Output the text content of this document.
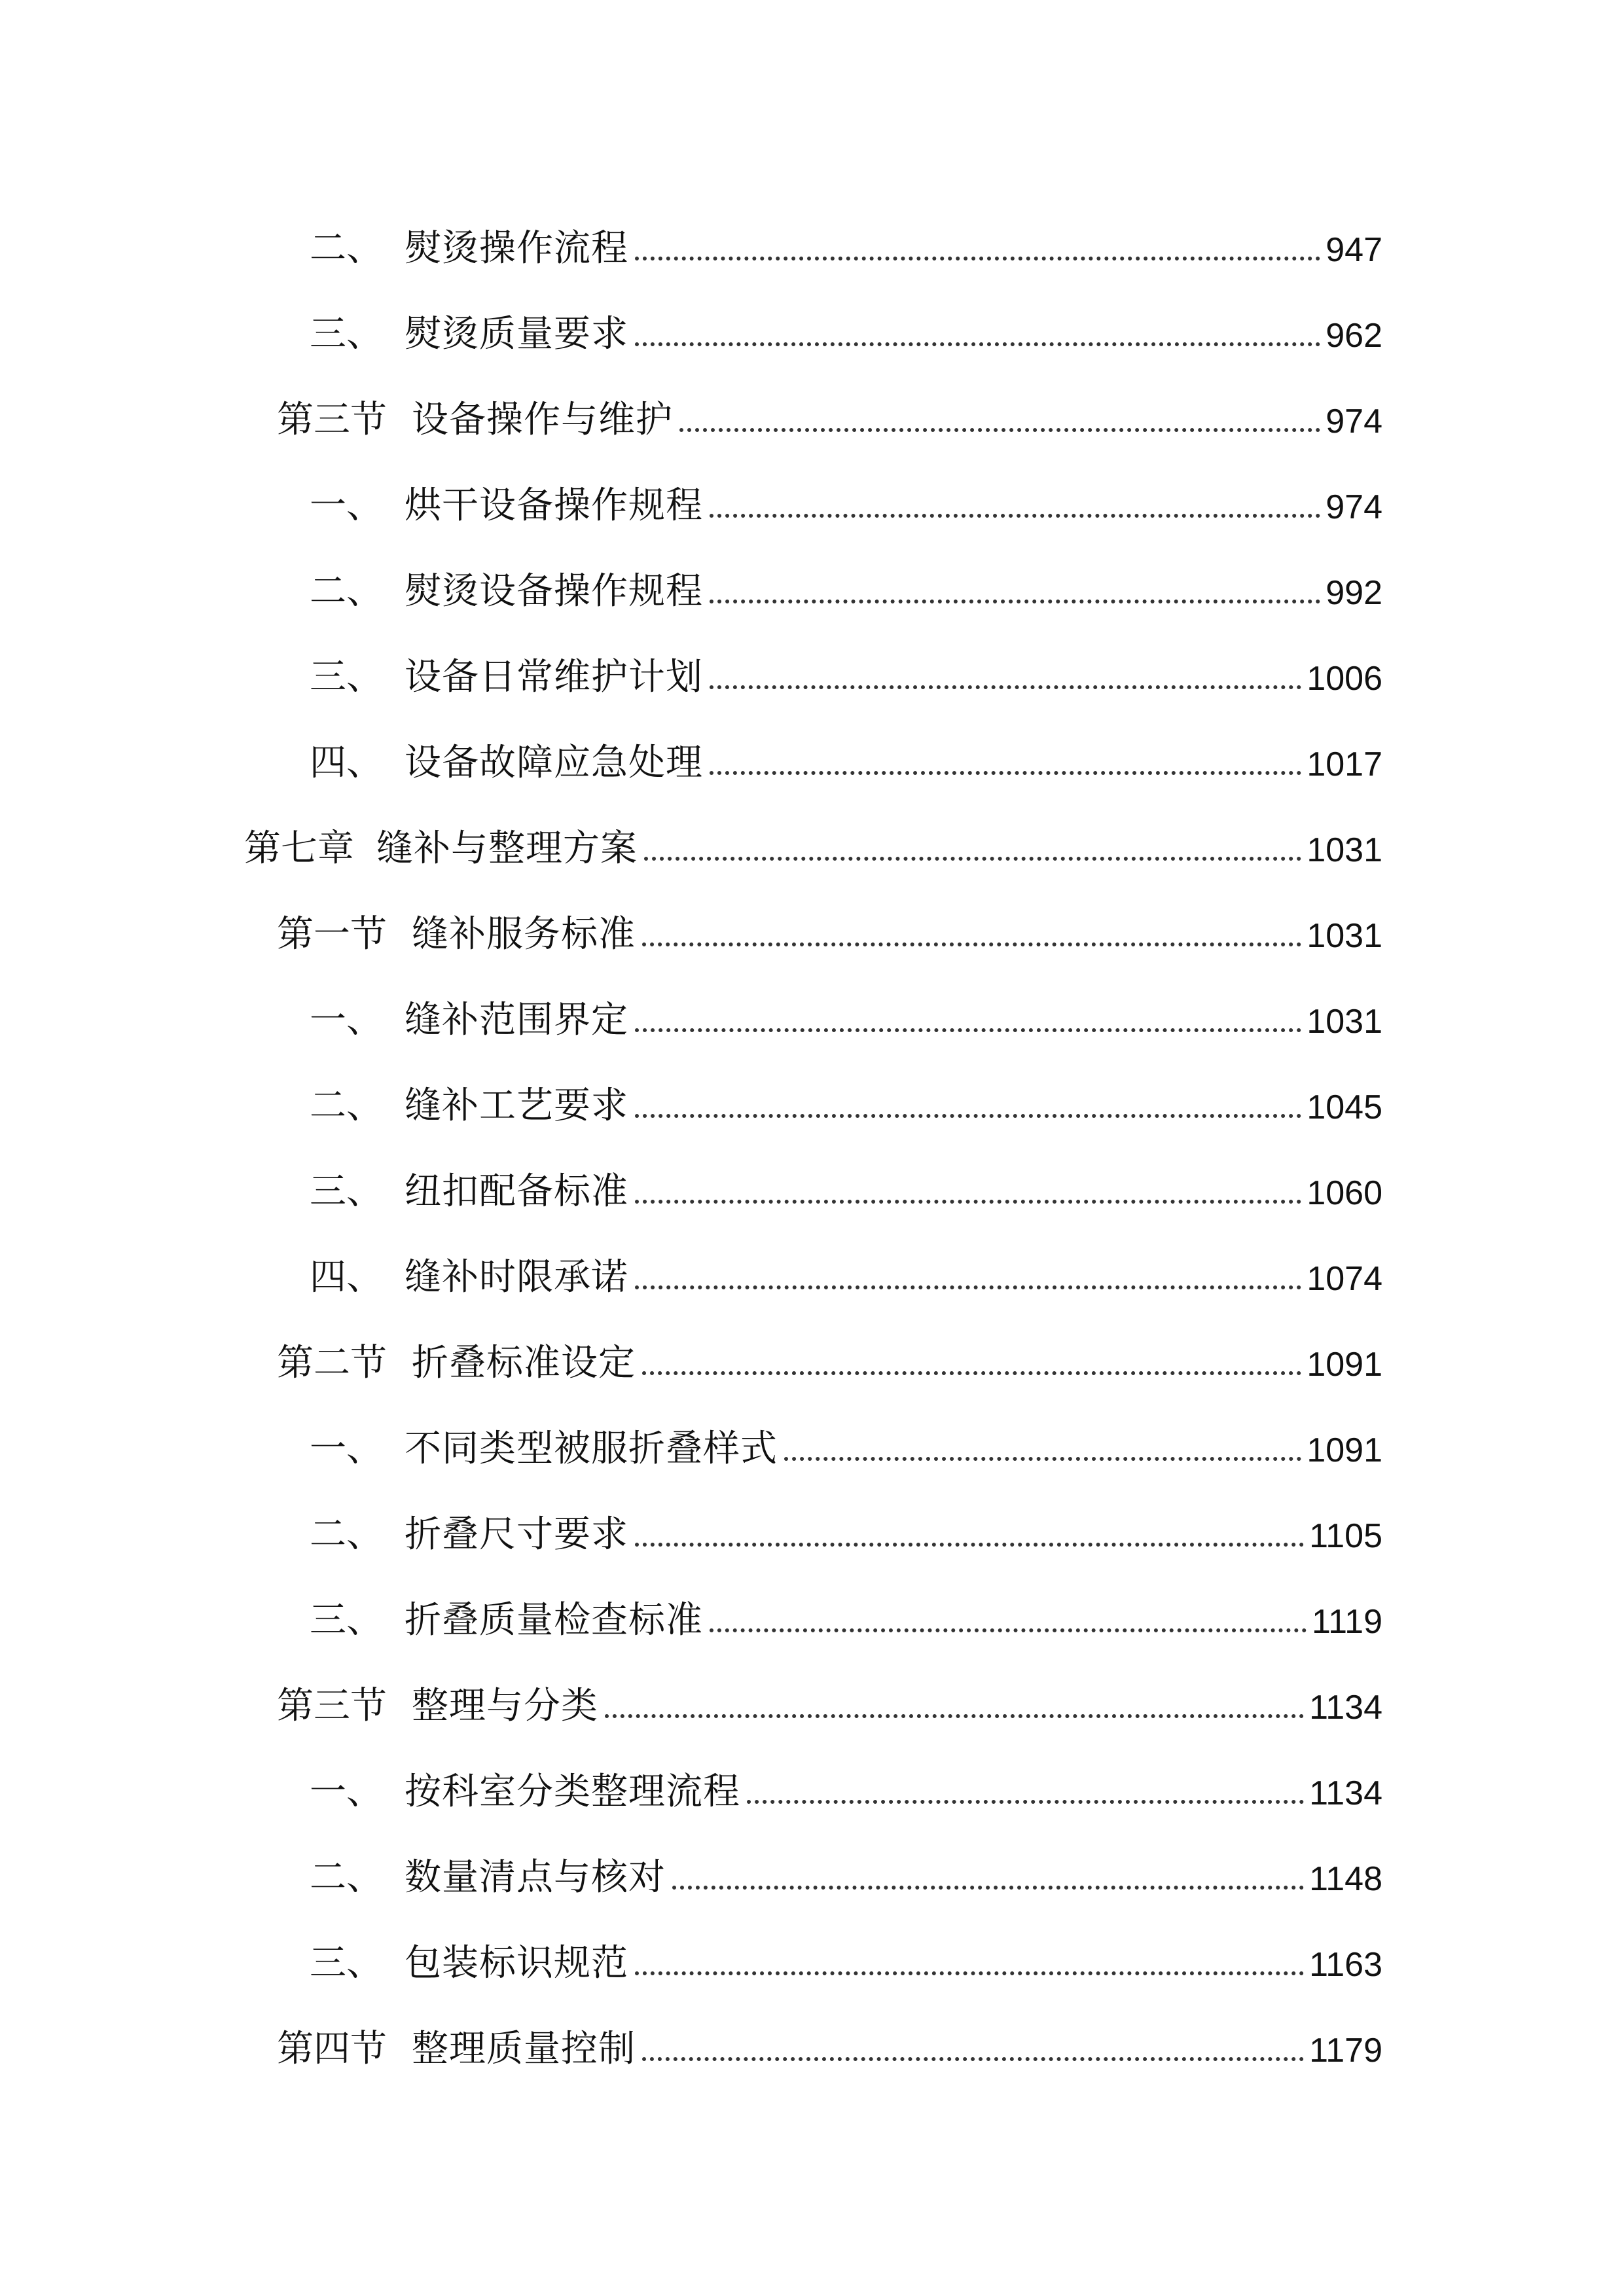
二、 熨烫操作流程	947
三、 熨烫质量要求	962
第三节 设备操作与维护	974
一、 烘干设备操作规程	974
二、 熨烫设备操作规程	992
三、 设备日常维护计划	1006
四、 设备故障应急处理	1017
第七章 缝补与整理方案	1031
第一节 缝补服务标准	1031
一、 缝补范围界定	1031
二、 缝补工艺要求	1045
三、 纽扣配备标准	1060
四、 缝补时限承诺	1074
第二节 折叠标准设定	1091
一、 不同类型被服折叠样式	1091
二、 折叠尺寸要求	1105
三、 折叠质量检查标准	1119
第三节 整理与分类	1134
一、 按科室分类整理流程	1134
二、 数量清点与核对	1148
三、 包装标识规范	1163
第四节 整理质量控制	1179
